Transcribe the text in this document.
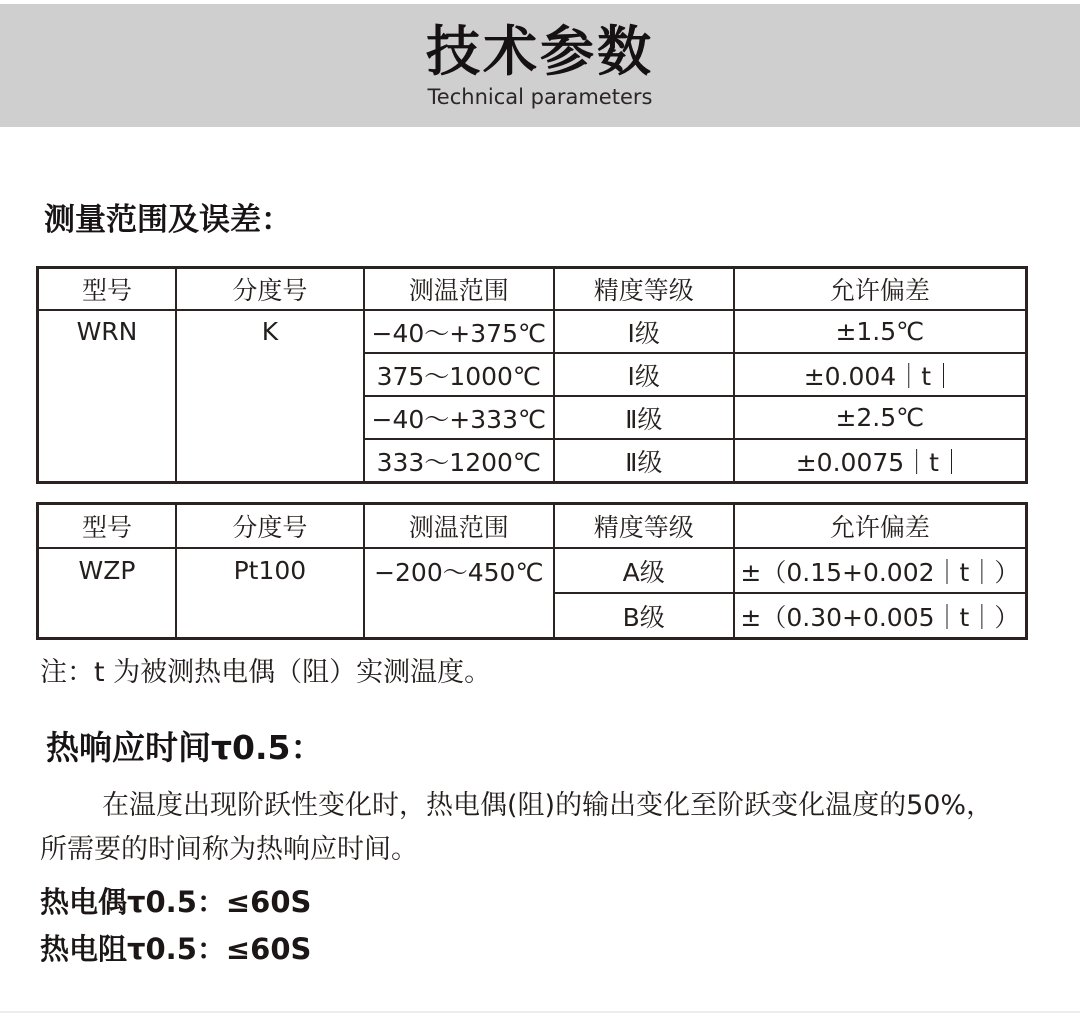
技术参数
Technical parameters
测量范围及误差：
型号	分度号	测温范围	精度等级	允许偏差

WRN	K	−40～+375℃	Ⅰ级	±1.5℃
		375～1000℃	Ⅰ级	±0.004｜t｜
		−40～+333℃	Ⅱ级	±2.5℃
		333～1200℃	Ⅱ级	±0.0075｜t｜
型号	分度号	测温范围	精度等级	允许偏差

WZP	Pt100	−200～450℃	A级	±（0.15+0.002｜t｜）
			B级	±（0.30+0.005｜t｜）
注：t 为被测热电偶（阻）实测温度。
热响应时间τ0.5：
在温度出现阶跃性变化时，热电偶(阻)的输出变化至阶跃变化温度的50%，
所需要的时间称为热响应时间。
热电偶τ0.5：≤60S
热电阻τ0.5：≤60S
